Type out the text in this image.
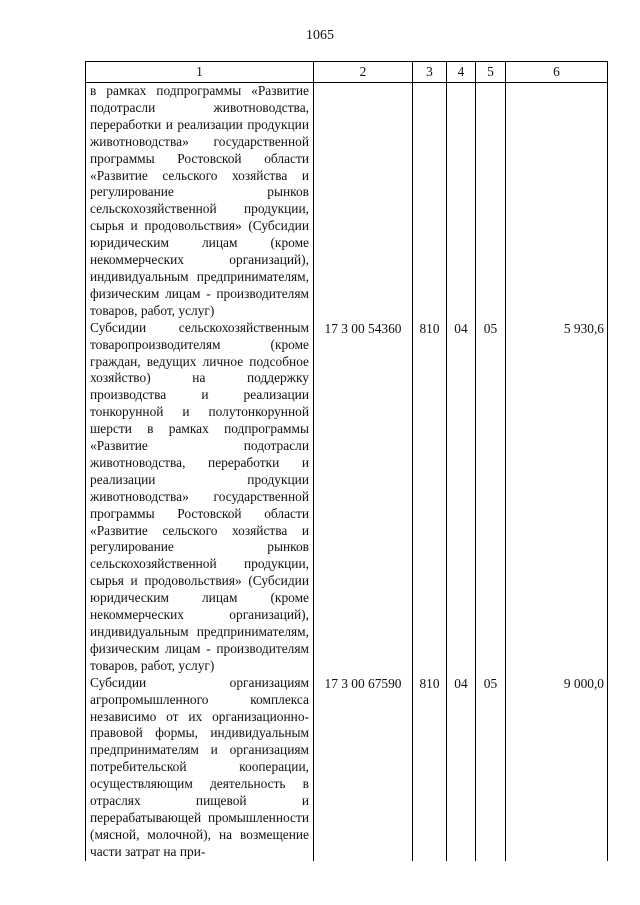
1065
1	2	3	4	5	6

в рамках подпрограммы «Развитие подотрасли животноводства, переработки и реализации продукции животноводства» государственной программы Ростовской области «Развитие сельского хозяйства и регулирование рынков сельскохозяйственной продукции, сырья и продовольствия» (Субсидии юридическим лицам (кроме некоммерческих организаций), индивидуальным предпринимателям, физическим лицам - производителям товаров, работ, услуг)					

Субсидии сельскохозяйственным товаропроизводителям (кроме граждан, ведущих личное подсобное хозяйство) на поддержку производства и реализации тонкорунной и полутонкорунной шерсти в рамках подпрограммы «Развитие подотрасли животноводства, переработки и реализации продукции животноводства» государственной программы Ростовской области «Развитие сельского хозяйства и регулирование рынков сельскохозяйственной продукции, сырья и продовольствия» (Субсидии юридическим лицам (кроме некоммерческих организаций), индивидуальным предпринимателям, физическим лицам - производителям товаров, работ, услуг)	17 3 00 54360	810	04	05	5 930,6

Субсидии организациям агропромышленного комплекса независимо от их организационно-правовой формы, индивидуальным предпринимателям и организациям потребительской кооперации, осуществляющим деятельность в отраслях пищевой и перерабатывающей промышленности (мясной, молочной), на возмещение части затрат на при-	17 3 00 67590	810	04	05	9 000,0
